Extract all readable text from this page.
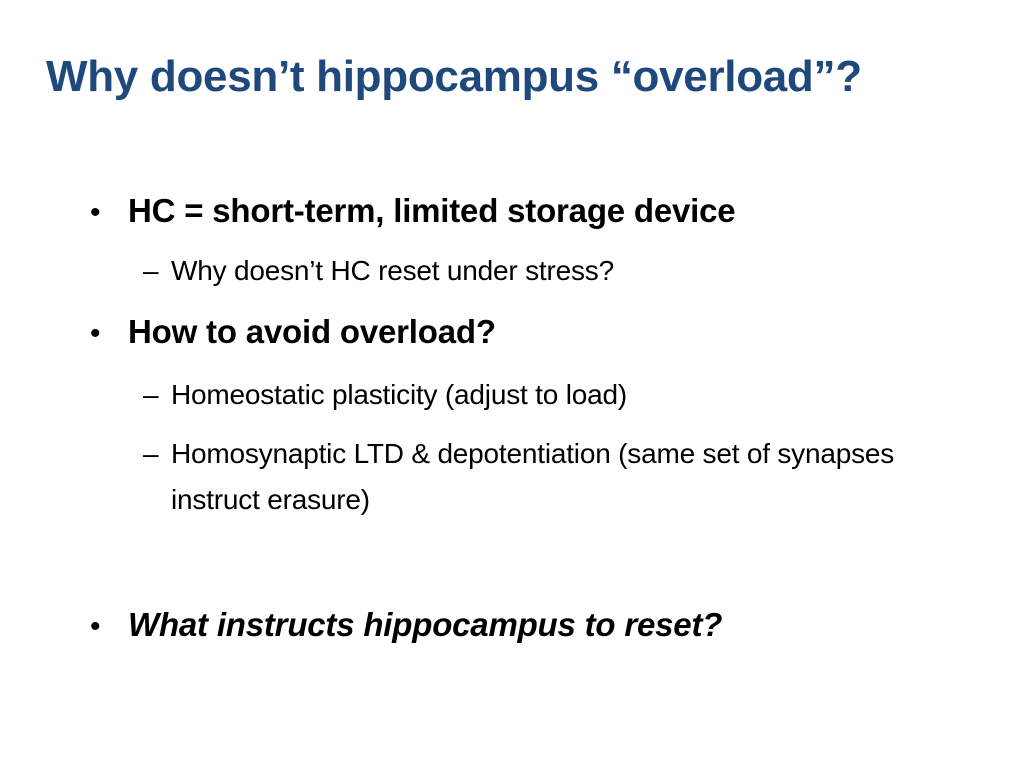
Why doesn’t hippocampus “overload”?
• HC = short-term, limited storage device
– Why doesn’t HC reset under stress?
• How to avoid overload?
– Homeostatic plasticity (adjust to load)
– Homosynaptic LTD & depotentiation (same set of synapses instruct erasure)
• What instructs hippocampus to reset?
